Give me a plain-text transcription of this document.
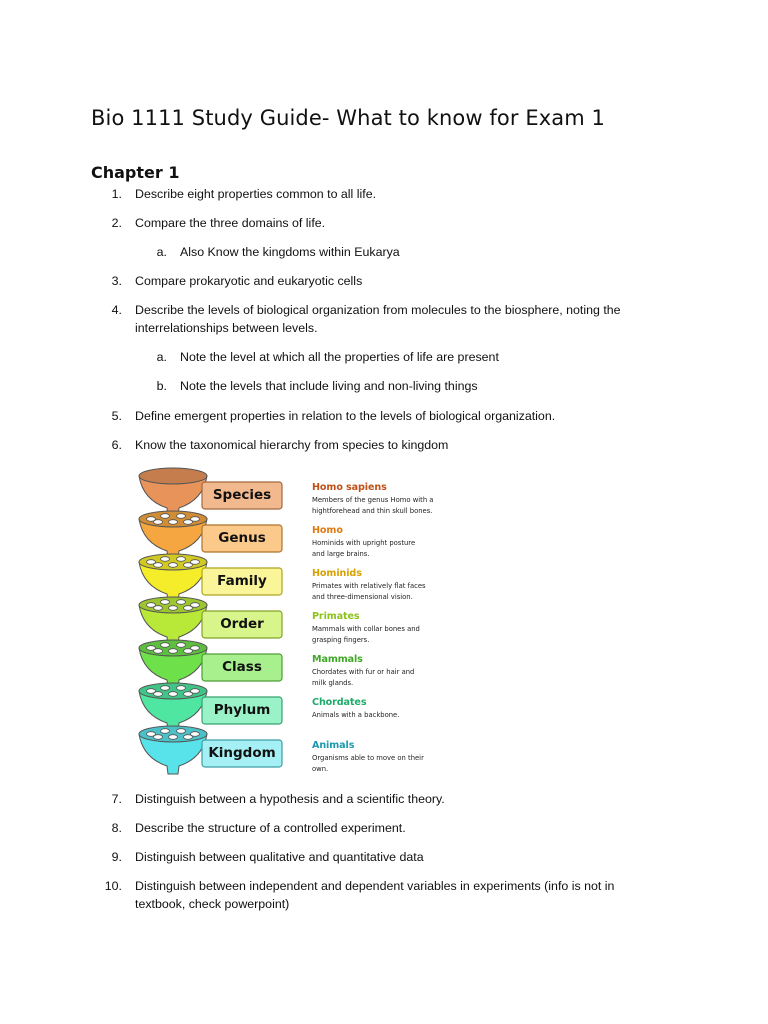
Bio 1111 Study Guide- What to know for Exam 1
Chapter 1
1. Describe eight properties common to all life.
2. Compare the three domains of life.
a. Also Know the kingdoms within Eukarya
3. Compare prokaryotic and eukaryotic cells
4. Describe the levels of biological organization from molecules to the biosphere, noting the
interrelationships between levels.
a. Note the level at which all the properties of life are present
b. Note the levels that include living and non-living things
5. Define emergent properties in relation to the levels of biological organization.
6. Know the taxonomical hierarchy from species to kingdom
7. Distinguish between a hypothesis and a scientific theory.
8. Describe the structure of a controlled experiment.
9. Distinguish between qualitative and quantitative data
10. Distinguish between independent and dependent variables in experiments (info is not in
textbook, check powerpoint)
Species	Homo sapiens
Members of the genus Homo with a
hightforehead and thin skull bones.
Genus	Homo
Hominids with upright posture
and large brains.
Family	Hominids
Primates with relatively flat faces
and three-dimensional vision.
Order	Primates
Mammals with collar bones and
grasping fingers.
Class	Mammals
Chordates with fur or hair and
milk glands.
Phylum	Chordates
Animals with a backbone.
Kingdom	Animals
Organisms able to move on their
own.
